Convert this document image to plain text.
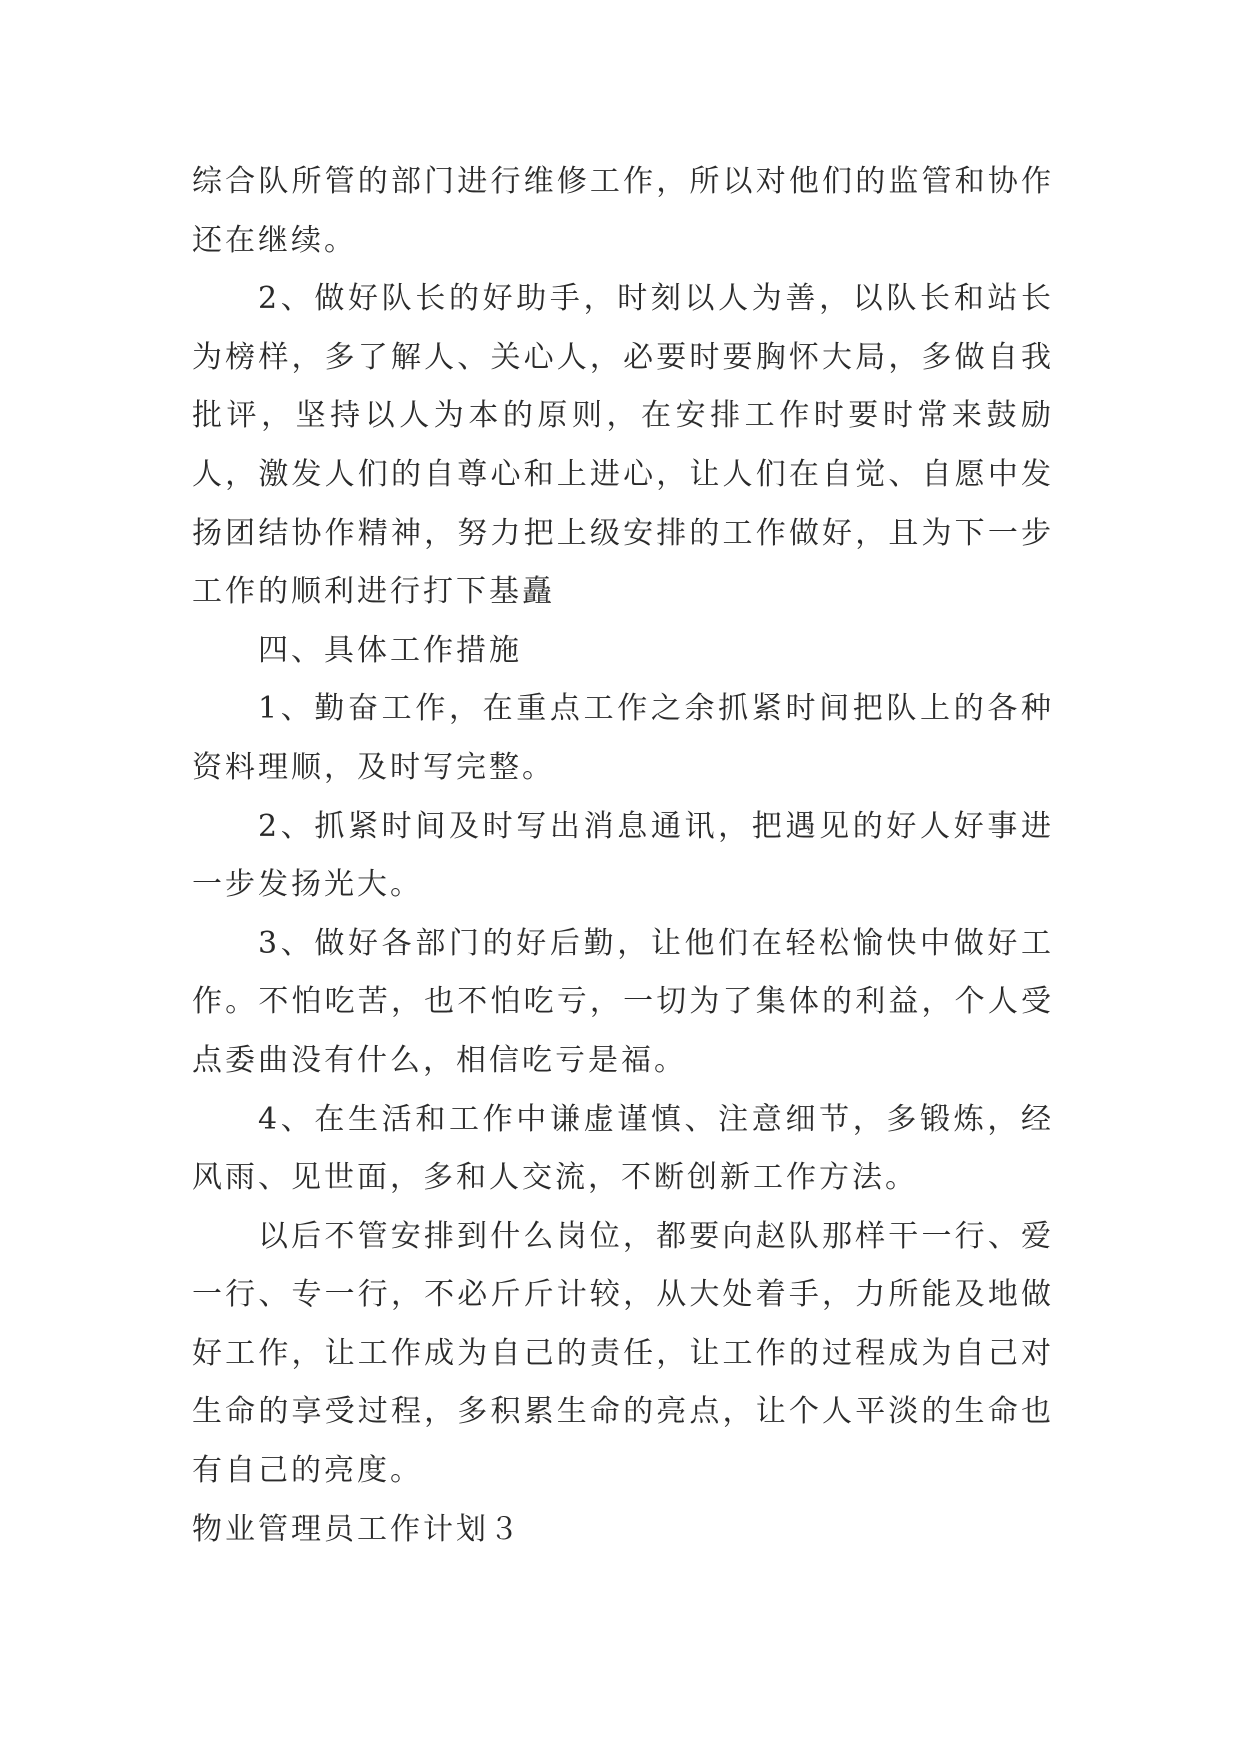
综合队所管的部门进行维修工作，所以对他们的监管和协作还在继续。

2、做好队长的好助手，时刻以人为善，以队长和站长为榜样，多了解人、关心人，必要时要胸怀大局，多做自我批评，坚持以人为本的原则，在安排工作时要时常来鼓励人，激发人们的自尊心和上进心，让人们在自觉、自愿中发扬团结协作精神，努力把上级安排的工作做好，且为下一步工作的顺利进行打下基矗

四、具体工作措施

1、勤奋工作，在重点工作之余抓紧时间把队上的各种资料理顺，及时写完整。

2、抓紧时间及时写出消息通讯，把遇见的好人好事进一步发扬光大。

3、做好各部门的好后勤，让他们在轻松愉快中做好工作。不怕吃苦，也不怕吃亏，一切为了集体的利益，个人受点委曲没有什么，相信吃亏是福。

4、在生活和工作中谦虚谨慎、注意细节，多锻炼，经风雨、见世面，多和人交流，不断创新工作方法。

以后不管安排到什么岗位，都要向赵队那样干一行、爱一行、专一行，不必斤斤计较，从大处着手，力所能及地做好工作，让工作成为自己的责任，让工作的过程成为自己对生命的享受过程，多积累生命的亮点，让个人平淡的生命也有自己的亮度。

物业管理员工作计划３
